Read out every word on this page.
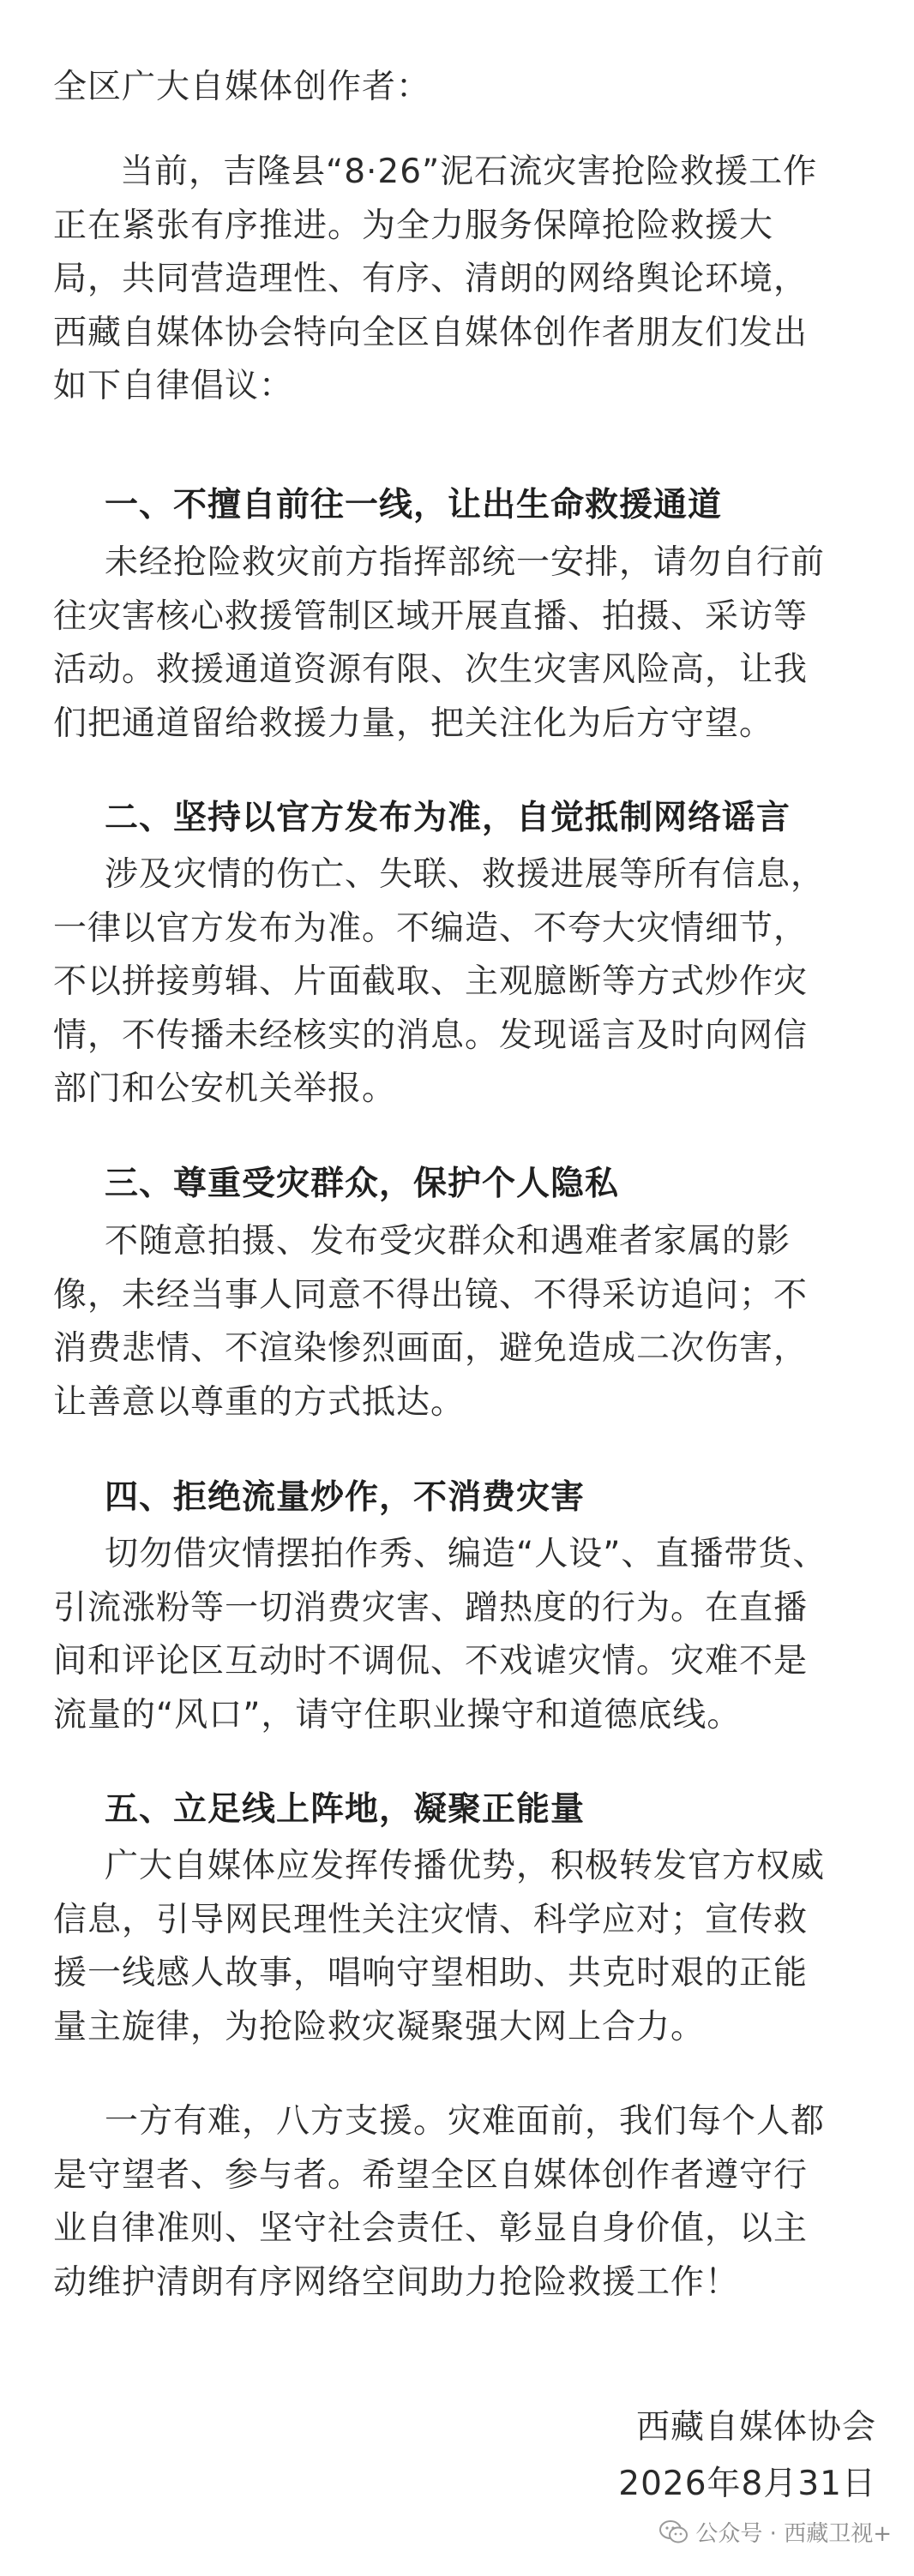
全区广大自媒体创作者：
当前，吉隆县“8·26”泥石流灾害抢险救援工作
正在紧张有序推进。为全力服务保障抢险救援大
局，共同营造理性、有序、清朗的网络舆论环境，
西藏自媒体协会特向全区自媒体创作者朋友们发出
如下自律倡议：
一、不擅自前往一线，让出生命救援通道
未经抢险救灾前方指挥部统一安排，请勿自行前
往灾害核心救援管制区域开展直播、拍摄、采访等
活动。救援通道资源有限、次生灾害风险高，让我
们把通道留给救援力量，把关注化为后方守望。
二、坚持以官方发布为准，自觉抵制网络谣言
涉及灾情的伤亡、失联、救援进展等所有信息，
一律以官方发布为准。不编造、不夸大灾情细节，
不以拼接剪辑、片面截取、主观臆断等方式炒作灾
情，不传播未经核实的消息。发现谣言及时向网信
部门和公安机关举报。
三、尊重受灾群众，保护个人隐私
不随意拍摄、发布受灾群众和遇难者家属的影
像，未经当事人同意不得出镜、不得采访追问；不
消费悲情、不渲染惨烈画面，避免造成二次伤害，
让善意以尊重的方式抵达。
四、拒绝流量炒作，不消费灾害
切勿借灾情摆拍作秀、编造“人设”、直播带货、
引流涨粉等一切消费灾害、蹭热度的行为。在直播
间和评论区互动时不调侃、不戏谑灾情。灾难不是
流量的“风口”，请守住职业操守和道德底线。
五、立足线上阵地，凝聚正能量
广大自媒体应发挥传播优势，积极转发官方权威
信息，引导网民理性关注灾情、科学应对；宣传救
援一线感人故事，唱响守望相助、共克时艰的正能
量主旋律，为抢险救灾凝聚强大网上合力。
一方有难，八方支援。灾难面前，我们每个人都
是守望者、参与者。希望全区自媒体创作者遵守行
业自律准则、坚守社会责任、彰显自身价值，以主
动维护清朗有序网络空间助力抢险救援工作！
西藏自媒体协会
2026年8月31日
公众号 · 西藏卫视+
